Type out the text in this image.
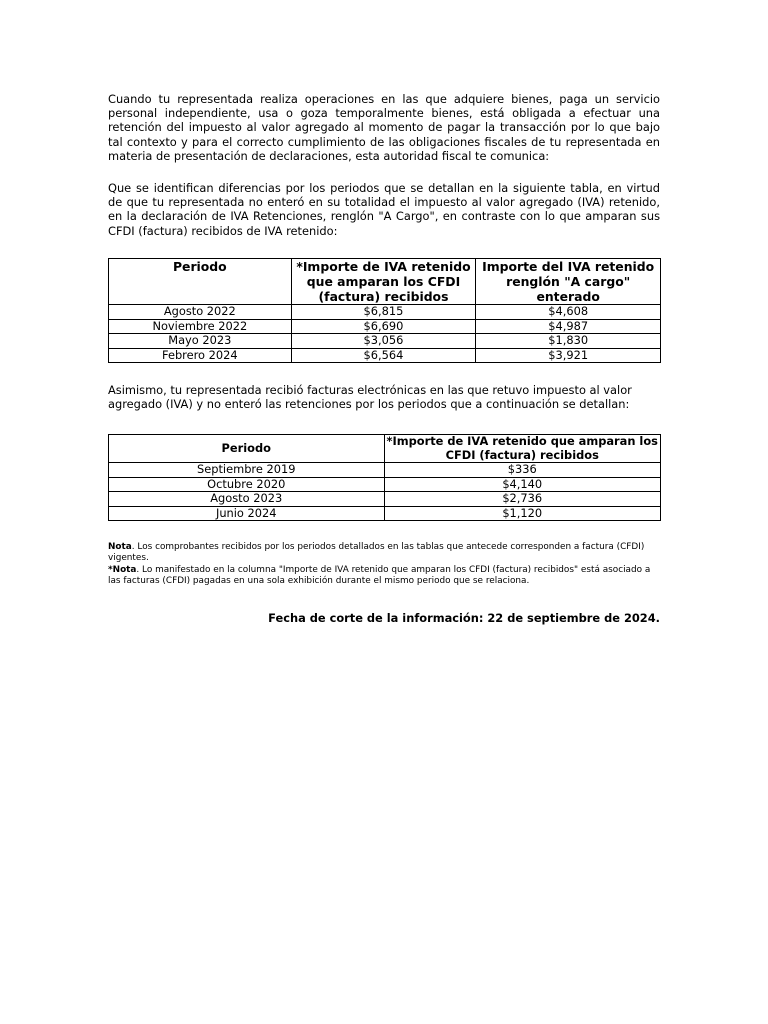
Cuando tu representada realiza operaciones en las que adquiere bienes, paga un servicio personal independiente, usa o goza temporalmente bienes, está obligada a efectuar una retención del impuesto al valor agregado al momento de pagar la transacción por lo que bajo tal contexto y para el correcto cumplimiento de las obligaciones fiscales de tu representada en materia de presentación de declaraciones, esta autoridad fiscal te comunica:

Que se identifican diferencias por los periodos que se detallan en la siguiente tabla, en virtud de que tu representada no enteró en su totalidad el impuesto al valor agregado (IVA) retenido, en la declaración de IVA Retenciones, renglón "A Cargo", en contraste con lo que amparan sus CFDI (factura) recibidos de IVA retenido:

Periodo	*Importe de IVA retenido que amparan los CFDI (factura) recibidos	Importe del IVA retenido renglón "A cargo" enterado
Agosto 2022	$6,815	$4,608
Noviembre 2022	$6,690	$4,987
Mayo 2023	$3,056	$1,830
Febrero 2024	$6,564	$3,921

Asimismo, tu representada recibió facturas electrónicas en las que retuvo impuesto al valor agregado (IVA) y no enteró las retenciones por los periodos que a continuación se detallan:

Periodo	*Importe de IVA retenido que amparan los CFDI (factura) recibidos
Septiembre 2019	$336
Octubre 2020	$4,140
Agosto 2023	$2,736
Junio 2024	$1,120

Nota. Los comprobantes recibidos por los periodos detallados en las tablas que antecede corresponden a factura (CFDI) vigentes.

*Nota. Lo manifestado en la columna "Importe de IVA retenido que amparan los CFDI (factura) recibidos" está asociado a las facturas (CFDI) pagadas en una sola exhibición durante el mismo periodo que se relaciona.

Fecha de corte de la información: 22 de septiembre de 2024.
